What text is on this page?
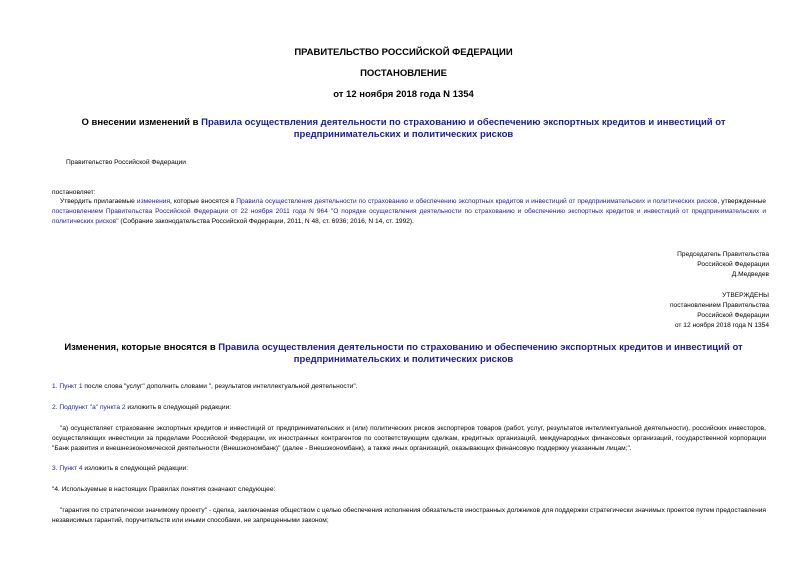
ПРАВИТЕЛЬСТВО РОССИЙСКОЙ ФЕДЕРАЦИИ
ПОСТАНОВЛЕНИЕ
от 12 ноября 2018 года N 1354
О внесении изменений в Правила осуществления деятельности по страхованию и обеспечению экспортных кредитов и инвестиций от предпринимательских и политических рисков
Правительство Российской Федерации
постановляет:
Утвердить прилагаемые изменения, которые вносятся в Правила осуществления деятельности по страхованию и обеспечению экспортных кредитов и инвестиций от предпринимательских и политических рисков, утвержденные постановлением Правительства Российской Федерации от 22 ноября 2011 года N 964 "О порядке осуществления деятельности по страхованию и обеспечению экспортных кредитов и инвестиций от предпринимательских и политических рисков" (Собрание законодательства Российской Федерации, 2011, N 48, ст. 6936; 2016, N 14, ст. 1992).
Председатель Правительства
Российской Федерации
Д.Медведев
УТВЕРЖДЕНЫ
постановлением Правительства
Российской Федерации
от 12 ноября 2018 года N 1354
Изменения, которые вносятся в Правила осуществления деятельности по страхованию и обеспечению экспортных кредитов и инвестиций от предпринимательских и политических рисков
1. Пункт 1 после слова "услуг" дополнить словами ", результатов интеллектуальной деятельности".
2. Подпункт "а" пункта 2 изложить в следующей редакции:
"а) осуществляет страхование экспортных кредитов и инвестиций от предпринимательских и (или) политических рисков экспортеров товаров (работ, услуг, результатов интеллектуальной деятельности), российских инвесторов, осуществляющих инвестиции за пределами Российской Федерации, их иностранных контрагентов по соответствующим сделкам, кредитных организаций, международных финансовых организаций, государственной корпорации "Банк развития и внешнеэкономической деятельности (Внешэкономбанк)" (далее - Внешэкономбанк), а также иных организаций, оказывающих финансовую поддержку указанным лицам;".
3. Пункт 4 изложить в следующей редакции:
"4. Используемые в настоящих Правилах понятия означают следующее:
"гарантия по стратегически значимому проекту" - сделка, заключаемая обществом с целью обеспечения исполнения обязательств иностранных должников для поддержки стратегически значимых проектов путем предоставления независимых гарантий, поручительств или иными способами, не запрещенными законом;
